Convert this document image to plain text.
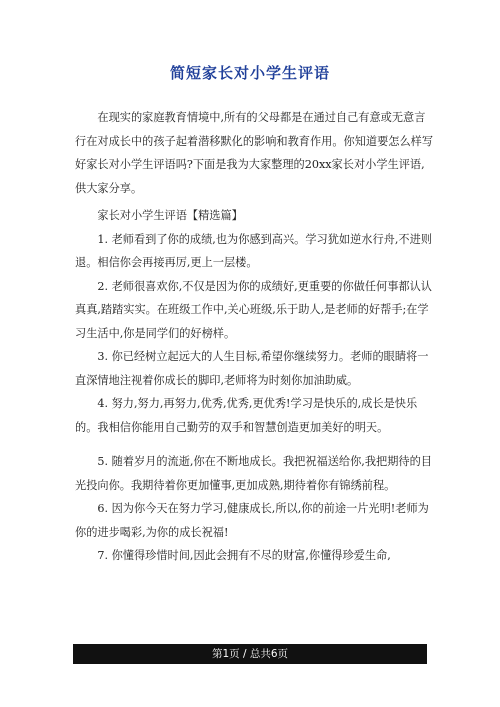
简短家长对小学生评语

在现实的家庭教育情境中,所有的父母都是在通过自己有意或无意言行在对成长中的孩子起着潜移默化的影响和教育作用。你知道要怎么样写好家长对小学生评语吗?下面是我为大家整理的20xx家长对小学生评语,供大家分享。

家长对小学生评语【精选篇】

1. 老师看到了你的成绩,也为你感到高兴。学习犹如逆水行舟,不进则退。相信你会再接再厉,更上一层楼。

2. 老师很喜欢你,不仅是因为你的成绩好,更重要的你做任何事都认认真真,踏踏实实。在班级工作中,关心班级,乐于助人,是老师的好帮手;在学习生活中,你是同学们的好榜样。

3. 你已经树立起远大的人生目标,希望你继续努力。老师的眼睛将一直深情地注视着你成长的脚印,老师将为时刻你加油助威。

4. 努力,努力,再努力,优秀,优秀,更优秀!学习是快乐的,成长是快乐的。我相信你能用自己勤劳的双手和智慧创造更加美好的明天。

5. 随着岁月的流逝,你在不断地成长。我把祝福送给你,我把期待的目光投向你。我期待着你更加懂事,更加成熟,期待着你有锦绣前程。

6. 因为你今天在努力学习,健康成长,所以,你的前途一片光明!老师为你的进步喝彩,为你的成长祝福!

7. 你懂得珍惜时间,因此会拥有不尽的财富,你懂得珍爱生命,

第1页 / 总共6页
